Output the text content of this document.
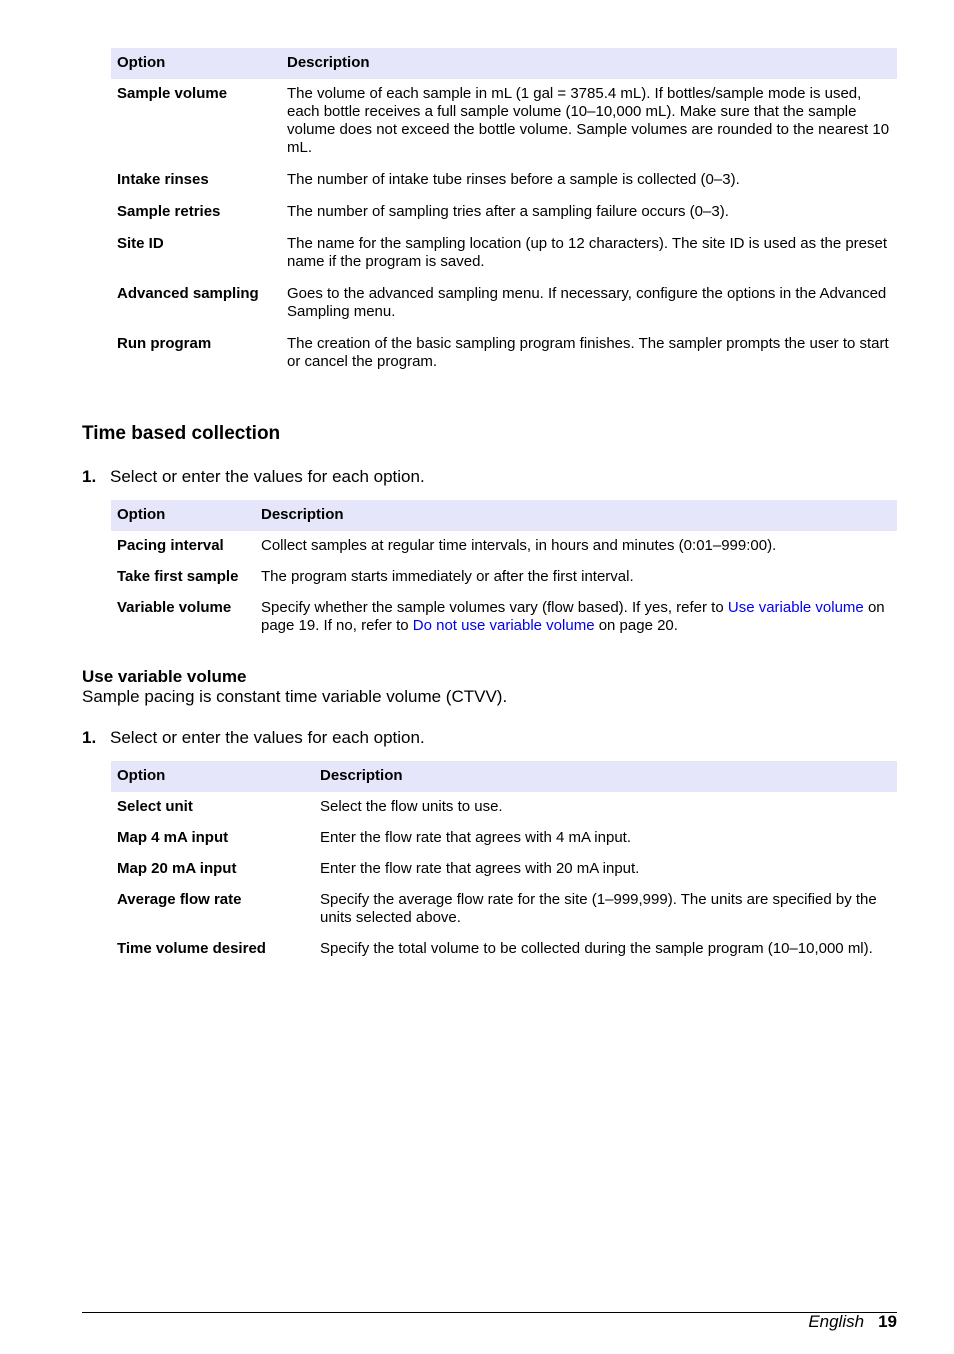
Option	Description
Sample volume	The volume of each sample in mL (1 gal = 3785.4 mL). If bottles/sample mode is used, each bottle receives a full sample volume (10–10,000 mL). Make sure that the sample volume does not exceed the bottle volume. Sample volumes are rounded to the nearest 10 mL.
Intake rinses	The number of intake tube rinses before a sample is collected (0–3).
Sample retries	The number of sampling tries after a sampling failure occurs (0–3).
Site ID	The name for the sampling location (up to 12 characters). The site ID is used as the preset name if the program is saved.
Advanced sampling	Goes to the advanced sampling menu. If necessary, configure the options in the Advanced Sampling menu.
Run program	The creation of the basic sampling program finishes. The sampler prompts the user to start or cancel the program.
Time based collection
1. Select or enter the values for each option.
Option	Description
Pacing interval	Collect samples at regular time intervals, in hours and minutes (0:01–999:00).
Take first sample	The program starts immediately or after the first interval.
Variable volume	Specify whether the sample volumes vary (flow based). If yes, refer to Use variable volume on page 19. If no, refer to Do not use variable volume on page 20.
Use variable volume

Sample pacing is constant time variable volume (CTVV).

1. Select or enter the values for each option.
Option	Description
Select unit	Select the flow units to use.
Map 4 mA input	Enter the flow rate that agrees with 4 mA input.
Map 20 mA input	Enter the flow rate that agrees with 20 mA input.
Average flow rate	Specify the average flow rate for the site (1–999,999). The units are specified by the units selected above.
Time volume desired	Specify the total volume to be collected during the sample program (10–10,000 ml).
English 19
